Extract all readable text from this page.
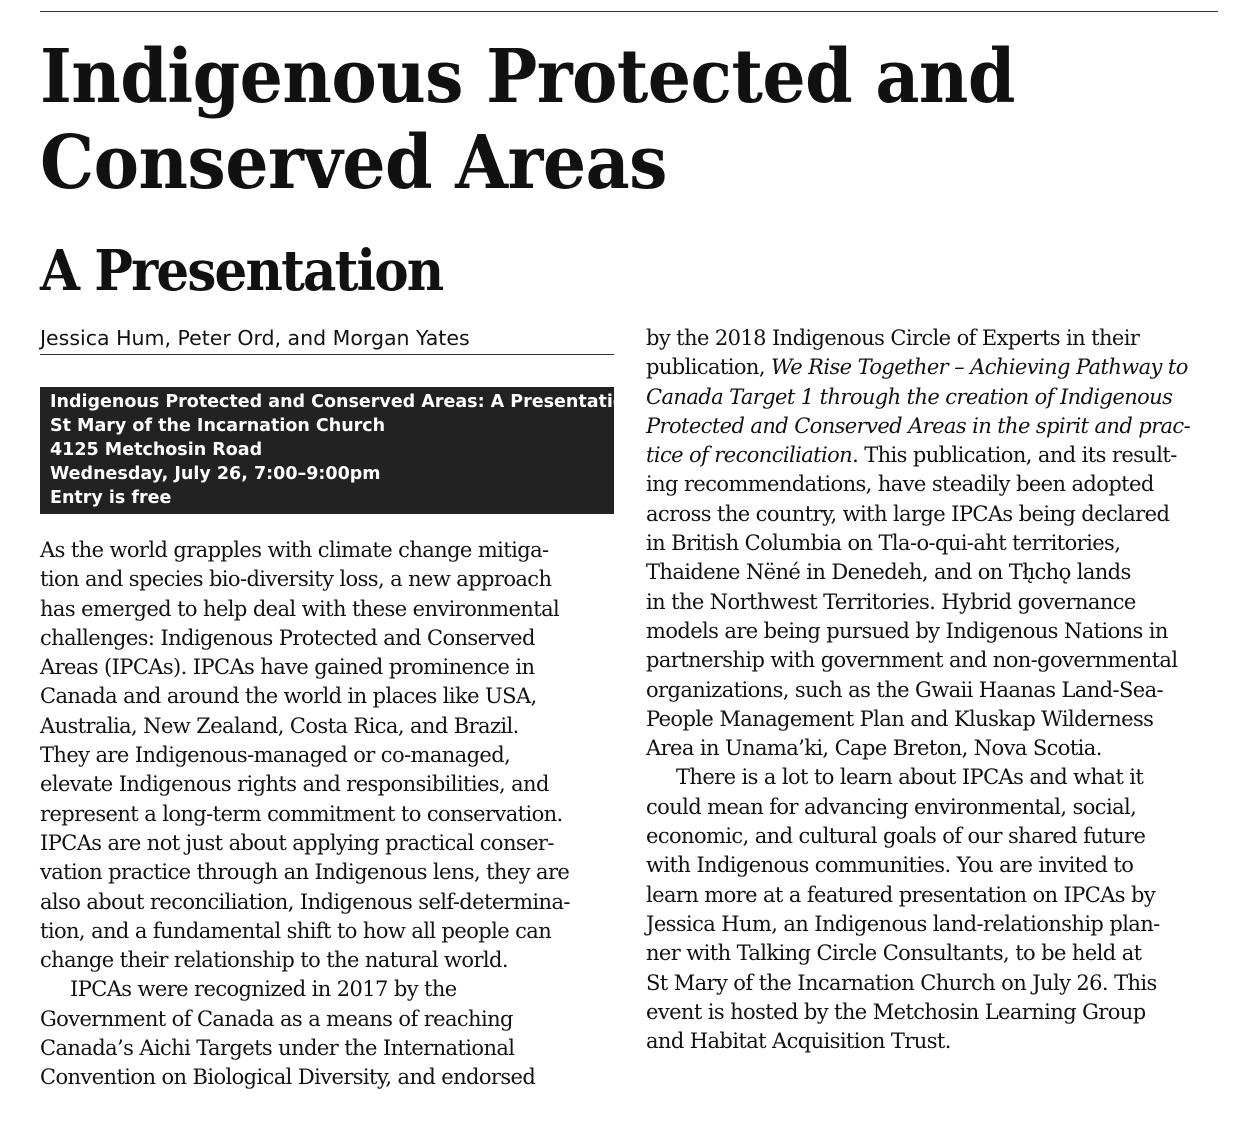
Indigenous Protected and
Conserved Areas
A Presentation
Jessica Hum, Peter Ord, and Morgan Yates
Indigenous Protected and Conserved Areas: A Presentation
St Mary of the Incarnation Church
4125 Metchosin Road
Wednesday, July 26, 7:00–9:00pm
Entry is free
As the world grapples with climate change mitiga-
tion and species bio-diversity loss, a new approach
has emerged to help deal with these environmental
challenges: Indigenous Protected and Conserved
Areas (IPCAs). IPCAs have gained prominence in
Canada and around the world in places like USA,
Australia, New Zealand, Costa Rica, and Brazil.
They are Indigenous-managed or co-managed,
elevate Indigenous rights and responsibilities, and
represent a long-term commitment to conservation.
IPCAs are not just about applying practical conser-
vation practice through an Indigenous lens, they are
also about reconciliation, Indigenous self-determina-
tion, and a fundamental shift to how all people can
change their relationship to the natural world.
IPCAs were recognized in 2017 by the
Government of Canada as a means of reaching
Canada’s Aichi Targets under the International
Convention on Biological Diversity, and endorsed
by the 2018 Indigenous Circle of Experts in their
publication, We Rise Together – Achieving Pathway to
Canada Target 1 through the creation of Indigenous
Protected and Conserved Areas in the spirit and prac-
tice of reconciliation. This publication, and its result-
ing recommendations, have steadily been adopted
across the country, with large IPCAs being declared
in British Columbia on Tla-o-qui-aht territories,
Thaidene Nëné in Denedeh, and on Tłı̨chǫ lands
in the Northwest Territories. Hybrid governance
models are being pursued by Indigenous Nations in
partnership with government and non-governmental
organizations, such as the Gwaii Haanas Land-Sea-
People Management Plan and Kluskap Wilderness
Area in Unama’ki, Cape Breton, Nova Scotia.
There is a lot to learn about IPCAs and what it
could mean for advancing environmental, social,
economic, and cultural goals of our shared future
with Indigenous communities. You are invited to
learn more at a featured presentation on IPCAs by
Jessica Hum, an Indigenous land-relationship plan-
ner with Talking Circle Consultants, to be held at
St Mary of the Incarnation Church on July 26. This
event is hosted by the Metchosin Learning Group
and Habitat Acquisition Trust.
